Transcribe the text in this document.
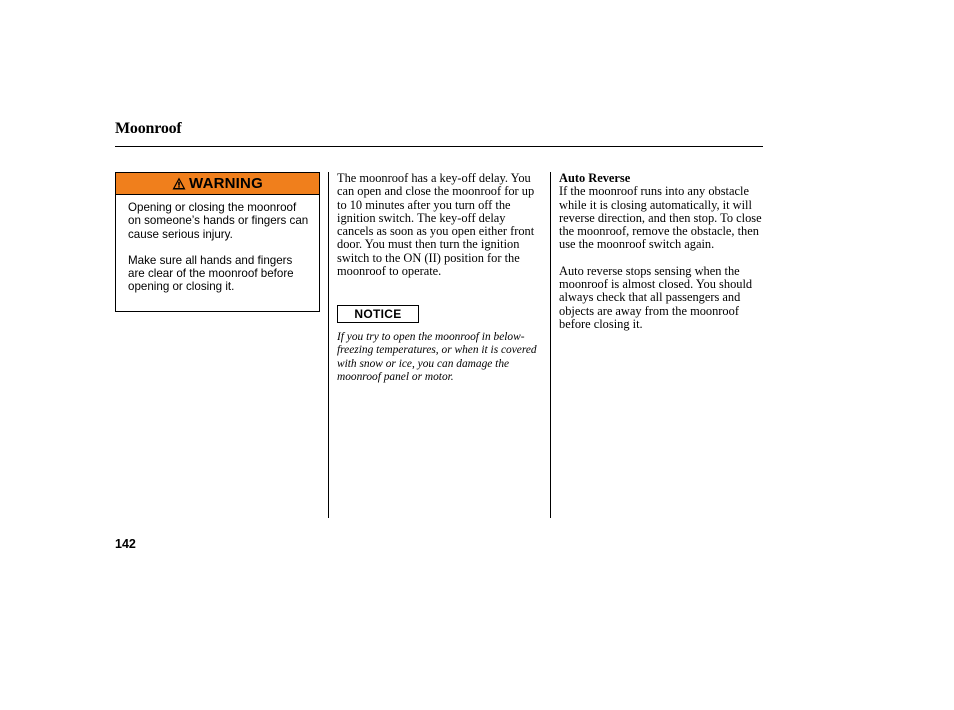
Moonroof
WARNING

Opening or closing the moonroof on someone’s hands or fingers can cause serious injury.

Make sure all hands and fingers are clear of the moonroof before opening or closing it.

The moonroof has a key-off delay. You can open and close the moonroof for up to 10 minutes after you turn off the ignition switch. The key-off delay cancels as soon as you open either front door. You must then turn the ignition switch to the ON (II) position for the moonroof to operate.

NOTICE
If you try to open the moonroof in below-freezing temperatures, or when it is covered with snow or ice, you can damage the moonroof panel or motor.

Auto Reverse

If the moonroof runs into any obstacle while it is closing automatically, it will reverse direction, and then stop. To close the moonroof, remove the obstacle, then use the moonroof switch again.

Auto reverse stops sensing when the moonroof is almost closed. You should always check that all passengers and objects are away from the moonroof before closing it.

142
